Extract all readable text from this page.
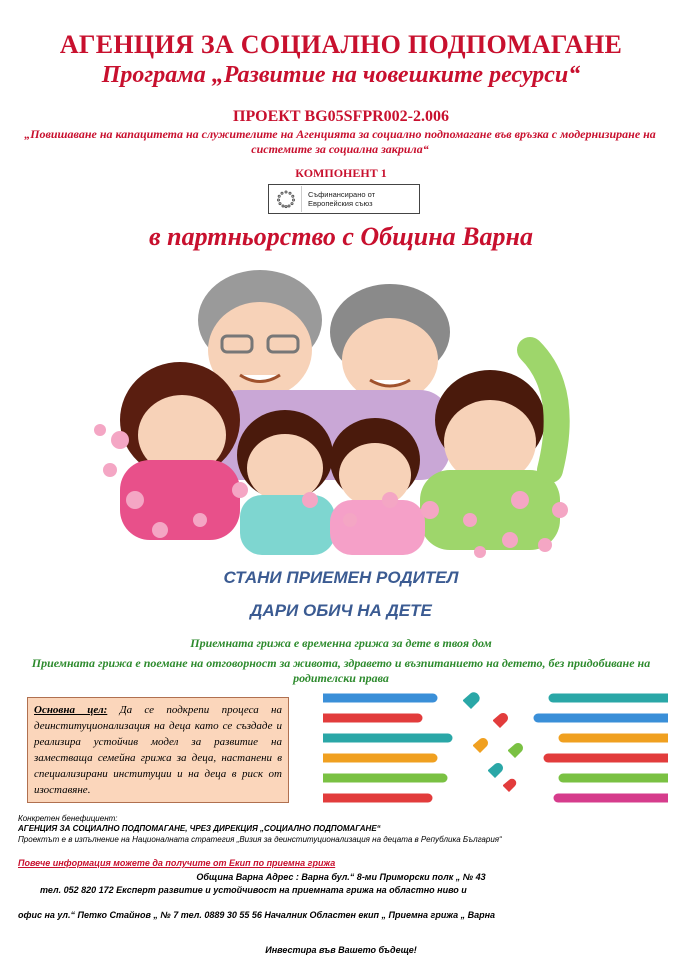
АГЕНЦИЯ ЗА СОЦИАЛНО ПОДПОМАГАНЕ
Програма „Развитие на човешките ресурси“
ПРОЕКТ BG05SFPR002-2.006
„Повишаване на капацитета на служителите на Агенцията за социално подпомагане във връзка с модернизиране на системите за социална закрила“
КОМПОНЕНТ 1
Съфинансирано от
Европейския съюз
в партньорство с Община Варна
СТАНИ ПРИЕМЕН РОДИТЕЛ
ДАРИ ОБИЧ НА ДЕТЕ
Приемната грижа е временна грижа за дете в твоя дом
Приемната грижа е поемане на отговорност за живота, здравето и възпитанието на детето, без придобиване на родителски права
Основна цел: Да се подкрепи процеса на деинституционализация на деца като се създаде и реализира устойчив модел за развитие на заместваща семейна грижа за деца, настанени в специализирани институции и на деца в риск от изоставяне.
Конкретен бенефициент:
АГЕНЦИЯ ЗА СОЦИАЛНО ПОДПОМАГАНЕ, ЧРЕЗ ДИРЕКЦИЯ „СОЦИАЛНО ПОДПОМАГАНЕ“
Проектът е в изпълнение на Националната стратегия „Визия за деинституционализация на децата в Република България“
Повече информация можете да получите от Екип по приемна грижа
Община Варна Адрес : Варна бул.“ 8-ми Приморски полк „ № 43
тел. 052 820 172 Експерт развитие и устойчивост на приемната грижа на областно ниво и
офис на ул.“ Петко Стайнов „ № 7 тел. 0889 30 55 56 Началник Областен екип „ Приемна грижа „ Варна
Инвестира във Вашето бъдеще!
